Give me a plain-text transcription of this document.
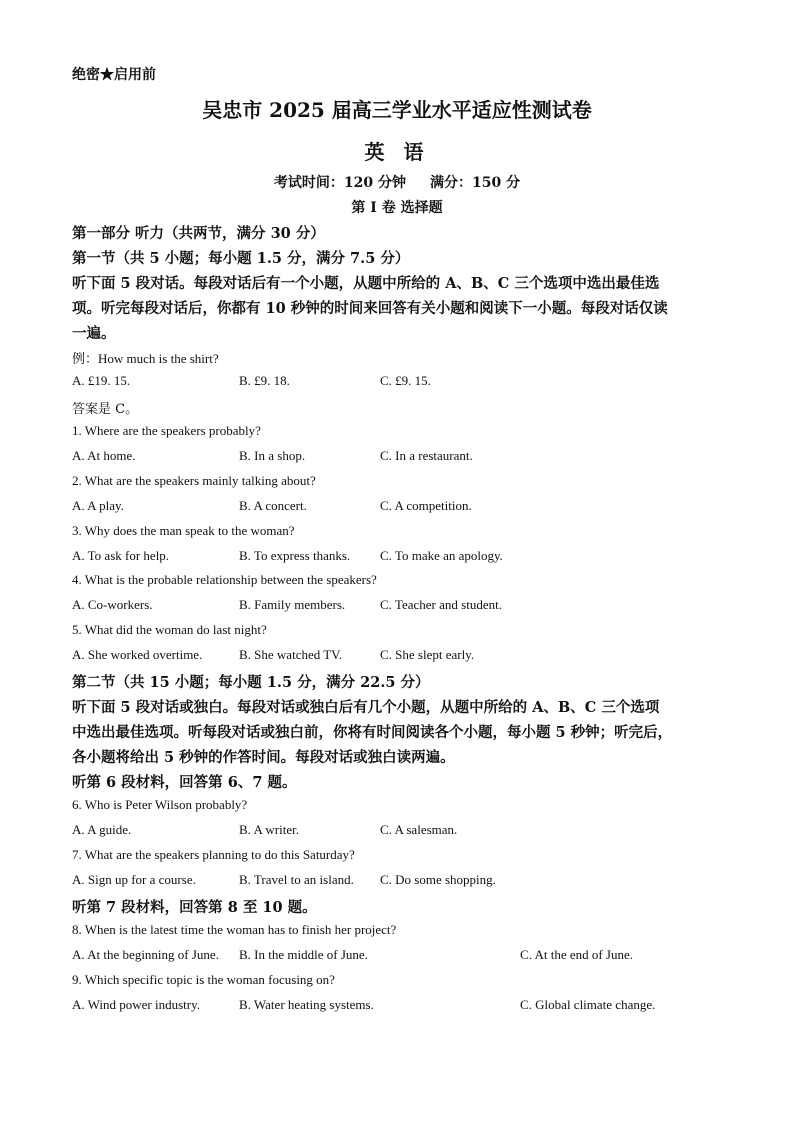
绝密★启用前
吴忠市 2025 届高三学业水平适应性测试卷
英 语
考试时间：120 分钟 满分：150 分
第 I 卷 选择题
第一部分 听力（共两节，满分 30 分）
第一节（共 5 小题；每小题 1.5 分，满分 7.5 分）
听下面 5 段对话。每段对话后有一个小题，从题中所给的 A、B、C 三个选项中选出最佳选
项。听完每段对话后，你都有 10 秒钟的时间来回答有关小题和阅读下一小题。每段对话仅读
一遍。
例：How much is the shirt?
A. £19. 15.	B. £9. 18.	C. £9. 15.
答案是 C。
1. Where are the speakers probably?
A. At home.	B. In a shop.	C. In a restaurant.
2. What are the speakers mainly talking about?
A. A play.	B. A concert.	C. A competition.
3. Why does the man speak to the woman?
A. To ask for help.	B. To express thanks. C. To make an apology.
4. What is the probable relationship between the speakers?
A. Co-workers.	B. Family members.	C. Teacher and student.
5. What did the woman do last night?
A. She worked overtime.	B. She watched TV.	C. She slept early.
第二节（共 15 小题；每小题 1.5 分，满分 22.5 分）
听下面 5 段对话或独白。每段对话或独白后有几个小题，从题中所给的 A、B、C 三个选项
中选出最佳选项。听每段对话或独白前，你将有时间阅读各个小题，每小题 5 秒钟；听完后，
各小题将给出 5 秒钟的作答时间。每段对话或独白读两遍。
听第 6 段材料，回答第 6、7 题。
6. Who is Peter Wilson probably?
A. A guide.	B. A writer.	C. A salesman.
7. What are the speakers planning to do this Saturday?
A. Sign up for a course.	B. Travel to an island. C. Do some shopping.
听第 7 段材料，回答第 8 至 10 题。
8. When is the latest time the woman has to finish her project?
A. At the beginning of June. B. In the middle of June.	C. At the end of June.
9. Which specific topic is the woman focusing on?
A. Wind power industry.	B. Water heating systems.	C. Global climate change.
